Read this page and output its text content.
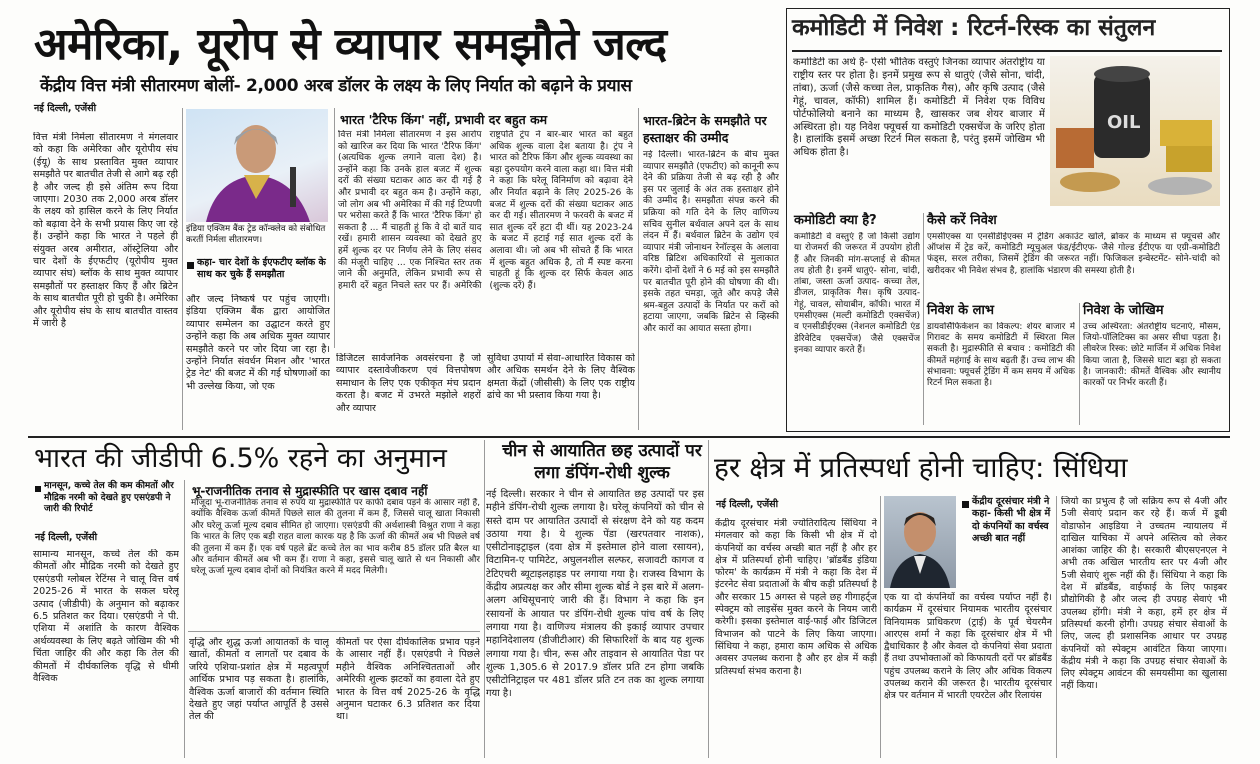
अमेरिका, यूरोप से व्यापार समझौते जल्द
केंद्रीय वित्त मंत्री सीतारमण बोलीं- 2,000 अरब डॉलर के लक्ष्य के लिए निर्यात को बढ़ाने के प्रयास
नई दिल्ली, एजेंसी
वित्त मंत्री निर्मला सीतारमण ने मंगलवार को कहा कि अमेरिका और यूरोपीय संघ (ईयू) के साथ प्रस्तावित मुक्त व्यापार समझौते पर बातचीत तेजी से आगे बढ़ रही है और जल्द ही इसे अंतिम रूप दिया जाएगा। 2030 तक 2,000 अरब डॉलर के लक्ष्य को हासिल करने के लिए निर्यात को बढ़ावा देने के सभी प्रयास किए जा रहे हैं। उन्होंने कहा कि भारत ने पहले ही संयुक्त अरब अमीरात, ऑस्ट्रेलिया और चार देशों के ईएफटीए (यूरोपीय मुक्त व्यापार संघ) ब्लॉक के साथ मुक्त व्यापार समझौतों पर हस्ताक्षर किए हैं और ब्रिटेन के साथ बातचीत पूरी हो चुकी है। अमेरिका और यूरोपीय संघ के साथ बातचीत वास्तव में जारी है
इंडिया एक्जिम बैंक ट्रेड कॉन्क्लेव को संबोधित करतीं निर्मला सीतारमण।
कहा- चार देशों के ईएफटीए ब्लॉक के साथ कर चुके हैं समझौता
और जल्द निष्कर्ष पर पहुंच जाएगी। इंडिया एक्जिम बैंक द्वारा आयोजित व्यापार सम्मेलन का उद्घाटन करते हुए उन्होंने कहा कि अब अधिक मुक्त व्यापार समझौते करने पर जोर दिया जा रहा है। उन्होंने निर्यात संवर्धन मिशन और 'भारत ट्रेड नेट' की बजट में की गई घोषणाओं का भी उल्लेख किया, जो एक
डिजिटल सार्वजनिक अवसंरचना है जो व्यापार दस्तावेजीकरण एवं वित्तपोषण समाधान के लिए एक एकीकृत मंच प्रदान करता है। बजट में उभरते मझोले शहरों और व्यापार
सुविधा उपायों में सेवा-आधारित विकास को और अधिक समर्थन देने के लिए वैश्विक क्षमता केंद्रों (जीसीसी) के लिए एक राष्ट्रीय ढांचे का भी प्रस्ताव किया गया है।
भारत 'टैरिफ किंग' नहीं, प्रभावी दर बहुत कम
वित्त मंत्री निर्मला सीतारमण ने इस आरोप को खारिज कर दिया कि भारत 'टैरिफ किंग' (अत्यधिक शुल्क लगाने वाला देश) है। उन्होंने कहा कि उनके हाल बजट में शुल्क दरों की संख्या घटाकर आठ कर दी गई है और प्रभावी दर बहुत कम है। उन्होंने कहा, जो लोग अब भी अमेरिका में की गई टिप्पणी पर भरोसा करते हैं कि भारत 'टैरिफ किंग' हो सकता है ... मैं चाहती हूं कि वे दो बातें याद रखें। हमारी शासन व्यवस्था को देखते हुए हमें शुल्क दर पर निर्णय लेने के लिए संसद की मंजूरी चाहिए ... एक निश्चित स्तर तक जाने की अनुमति, लेकिन प्रभावी रूप से हमारी दरें बहुत निचले स्तर पर हैं। अमेरिकी राष्ट्रपति ट्रंप ने बार-बार भारत को बहुत अधिक शुल्क वाला देश बताया है। ट्रंप ने भारत को टैरिफ किंग और शुल्क व्यवस्था का बड़ा दुरुपयोग करने वाला कहा था। वित्त मंत्री ने कहा कि घरेलू विनिर्माण को बढ़ावा देने और निर्यात बढ़ाने के लिए 2025-26 के बजट में शुल्क दरों की संख्या घटाकर आठ कर दी गई। सीतारमण ने फरवरी के बजट में सात शुल्क दरें हटा दी थीं। यह 2023-24 के बजट में हटाई गई सात शुल्क दरों के अलावा थी। जो अब भी सोचते हैं कि भारत में शुल्क बहुत अधिक है, तो मैं स्पष्ट करना चाहती हूं कि शुल्क दर सिर्फ केवल आठ (शुल्क दरें) हैं।
भारत-ब्रिटेन के समझौते पर हस्ताक्षर की उम्मीद
नई दिल्ली। भारत-ब्रिटेन के बीच मुक्त व्यापार समझौते (एफटीए) को कानूनी रूप देने की प्रक्रिया तेजी से बढ़ रही है और इस पर जुलाई के अंत तक हस्ताक्षर होने की उम्मीद है। समझौता संपन्न करने की प्रक्रिया को गति देने के लिए वाणिज्य सचिव सुनील बर्थवाल अपने दल के साथ लंदन में हैं। बर्थवाल ब्रिटेन के उद्योग एवं व्यापार मंत्री जोनाथन रेनॉल्ड्स के अलावा वरिष्ठ ब्रिटिश अधिकारियों से मुलाकात करेंगे। दोनों देशों ने 6 मई को इस समझौते पर बातचीत पूरी होने की घोषणा की थी। इसके तहत चमड़ा, जूते और कपड़े जैसे श्रम-बहुल उत्पादों के निर्यात पर करों को हटाया जाएगा, जबकि ब्रिटेन से व्हिस्की और कारों का आयात सस्ता होगा।
कमोडिटी में निवेश : रिटर्न-रिस्क का संतुलन
कमोडिटी का अर्थ है- ऐसी भौतिक वस्तुएं जिनका व्यापार अंतर्राष्ट्रीय या राष्ट्रीय स्तर पर होता है। इनमें प्रमुख रूप से धातुएं (जैसे सोना, चांदी, तांबा), ऊर्जा (जैसे कच्चा तेल, प्राकृतिक गैस), और कृषि उत्पाद (जैसे गेहूं, चावल, कॉफी) शामिल हैं। कमोडिटी में निवेश एक विविध पोर्टफोलियो बनाने का माध्यम है, खासकर जब शेयर बाजार में अस्थिरता हो। यह निवेश फ्यूचर्स या कमोडिटी एक्सचेंज के जरिए होता है। हालांकि इसमें अच्छा रिटर्न मिल सकता है, परंतु इसमें जोखिम भी अधिक होता है।
OIL
कमोडिटी क्या है?
कमोडिटी वे वस्तुएं हैं जो किसी उद्योग या रोजमर्रा की जरूरत में उपयोग होती हैं और जिनकी मांग-सप्लाई से कीमत तय होती है। इनमें धातुएं- सोना, चांदी, तांबा, जस्ता ऊर्जा उत्पाद- कच्चा तेल, डीजल, प्राकृतिक गैस। कृषि उत्पाद- गेहूं, चावल, सोयाबीन, कॉफी। भारत में एमसीएक्स (मल्टी कमोडिटी एक्सचेंज) व एनसीडीईएक्स (नेशनल कमोडिटी एंड डेरिवेटिव एक्सचेंज) जैसे एक्सचेंज इनका व्यापार करते हैं।
कैसे करें निवेश
एमसीएक्स या एनसीडीईएक्स में ट्रेडिंग अकाउंट खोलें, ब्रोकर के माध्यम से फ्यूचर्स और ऑप्शंस में ट्रेड करें, कमोडिटी म्यूचुअल फंड/ईटीएफ- जैसे गोल्ड ईटीएफ या एग्री-कमोडिटी फंड्स, सरल तरीका, जिसमें ट्रेडिंग की जरूरत नहीं। फिजिकल इन्वेस्टमेंट- सोने-चांदी को खरीदकर भी निवेश संभव है, हालांकि भंडारण की समस्या होती है।
निवेश के लाभ
डायवर्सिफिकेशन का विकल्प: शेयर बाजार में गिरावट के समय कमोडिटी में स्थिरता मिल सकती है। मुद्रास्फीति से बचाव : कमोडिटी की कीमतें महंगाई के साथ बढ़ती हैं। उच्च लाभ की संभावना: फ्यूचर्स ट्रेडिंग में कम समय में अधिक रिटर्न मिल सकता है।
निवेश के जोखिम
उच्च अस्थिरता: अंतर्राष्ट्रीय घटनाएं, मौसम, जियो-पॉलिटिक्स का असर सीधा पड़ता है। लीवरेज रिस्क: छोटे मार्जिन में अधिक निवेश किया जाता है, जिससे घाटा बड़ा हो सकता है। जानकारी: कीमतें वैश्विक और स्थानीय कारकों पर निर्भर करती हैं।
भारत की जीडीपी 6.5% रहने का अनुमान
मानसून, कच्चे तेल की कम कीमतों और मौद्रिक नरमी को देखते हुए एसएंडपी ने जारी की रिपोर्ट
नई दिल्ली, एजेंसी
सामान्य मानसून, कच्चे तेल की कम कीमतों और मौद्रिक नरमी को देखते हुए एसएंडपी ग्लोबल रेटिंग्स ने चालू वित्त वर्ष 2025-26 में भारत के सकल घरेलू उत्पाद (जीडीपी) के अनुमान को बढ़ाकर 6.5 प्रतिशत कर दिया। एसएंडपी ने पी. एशिया में अशांति के कारण वैश्विक अर्थव्यवस्था के लिए बढ़ते जोखिम की भी चिंता जाहिर की और कहा कि तेल की कीमतों में दीर्घकालिक वृद्धि से धीमी वैश्विक
भू-राजनीतिक तनाव से मुद्रास्फीति पर खास दबाव नहीं
मौजूदा भू-राजनीतिक तनाव से रुपये या मुद्रास्फीति पर काफी दबाव पड़ने के आसार नहीं हैं, क्योंकि वैश्विक ऊर्जा कीमतें पिछले साल की तुलना में कम हैं, जिससे चालू खाता निकासी और घरेलू ऊर्जा मूल्य दबाव सीमित हो जाएगा। एसएंडपी की अर्थशास्त्री विश्रुत राणा ने कहा कि भारत के लिए एक बड़ी राहत वाला कारक यह है कि ऊर्जा की कीमतें अब भी पिछले वर्ष की तुलना में कम हैं। एक वर्ष पहले ब्रेंट कच्चे तेल का भाव करीब 85 डॉलर प्रति बैरल था और वर्तमान कीमतें अब भी कम हैं। राणा ने कहा, इससे चालू खाते से धन निकासी और घरेलू ऊर्जा मूल्य दबाव दोनों को नियंत्रित करने में मदद मिलेगी।
वृद्धि और शुद्ध ऊर्जा आयातकों के चालू खातों, कीमतों व लागतों पर दबाव के जरिये एशिया-प्रशांत क्षेत्र में महत्वपूर्ण आर्थिक प्रभाव पड़ सकता है। हालांकि, वैश्विक ऊर्जा बाजारों की वर्तमान स्थिति देखते हुए जहां पर्याप्त आपूर्ति है उससे तेल की
कीमतों पर ऐसा दीर्घकालिक प्रभाव पड़ने के आसार नहीं हैं। एसएंडपी ने पिछले महीने वैश्विक अनिश्चितताओं और अमेरिकी शुल्क झटकों का हवाला देते हुए भारत के वित्त वर्ष 2025-26 के वृद्धि अनुमान घटाकर 6.3 प्रतिशत कर दिया था।
चीन से आयातित छह उत्पादों पर लगा डंपिंग-रोधी शुल्क
नई दिल्ली। सरकार ने चीन से आयातित छह उत्पादों पर इस महीने डंपिंग-रोधी शुल्क लगाया है। घरेलू कंपनियों को चीन से सस्ते दाम पर आयातित उत्पादों से संरक्षण देने को यह कदम उठाया गया है। ये शुल्क पेंडा (खरपतवार नाशक), एसीटोनाइट्राइल (दवा क्षेत्र में इस्तेमाल होने वाला रसायन), विटामिन-ए पामिटेट, अघुलनशील सल्फर, सजावटी कागज व टेटिएचरी ब्यूटाइलहाइड पर लगाया गया है। राजस्व विभाग के केंद्रीय अप्रत्यक्ष कर और सीमा शुल्क बोर्ड ने इस बारे में अलग-अलग अधिसूचनाएं जारी की हैं। विभाग ने कहा कि इन रसायनों के आयात पर डंपिंग-रोधी शुल्क पांच वर्ष के लिए लगाया गया है। वाणिज्य मंत्रालय की इकाई व्यापार उपचार महानिदेशालय (डीजीटीआर) की सिफारिशों के बाद यह शुल्क लगाया गया है। चीन, रूस और ताइवान से आयातित पेडा पर शुल्क 1,305.6 से 2017.9 डॉलर प्रति टन होगा जबकि एसीटोनिट्राइल पर 481 डॉलर प्रति टन तक का शुल्क लगाया गया है।
हर क्षेत्र में प्रतिस्पर्धा होनी चाहिए: सिंधिया
नई दिल्ली, एजेंसी
केंद्रीय दूरसंचार मंत्री ज्योतिरादित्य सिंधिया ने मंगलवार को कहा कि किसी भी क्षेत्र में दो कंपनियों का वर्चस्व अच्छी बात नहीं है और हर क्षेत्र में प्रतिस्पर्धा होनी चाहिए। 'ब्रॉडबैंड इंडिया फोरम' के कार्यक्रम में मंत्री ने कहा कि देश में इंटरनेट सेवा प्रदाताओं के बीच कड़ी प्रतिस्पर्धा है और सरकार 15 अगस्त से पहले छह गीगाहर्ट्ज स्पेक्ट्रम को लाइसेंस मुक्त करने के नियम जारी करेगी। इसका इस्तेमाल वाई-फाई और डिजिटल विभाजन को पाटने के लिए किया जाएगा। सिंधिया ने कहा, हमारा काम अधिक से अधिक अवसर उपलब्ध कराना है और हर क्षेत्र में कड़ी प्रतिस्पर्धा संभव कराना है।
केंद्रीय दूरसंचार मंत्री ने कहा- किसी भी क्षेत्र में दो कंपनियों का वर्चस्व अच्छी बात नहीं
एक या दो कंपनियों का वर्चस्व पर्याप्त नहीं है। कार्यक्रम में दूरसंचार नियामक भारतीय दूरसंचार विनियामक प्राधिकरण (ट्राई) के पूर्व चेयरमैन आरएस शर्मा ने कहा कि दूरसंचार क्षेत्र में भी द्वैधाधिकार है और केवल दो कंपनियां सेवा प्रदाता हैं तथा उपभोक्ताओं को किफायती दरों पर ब्रॉडबैंड पहुंच उपलब्ध कराने के लिए और अधिक विकल्प उपलब्ध कराने की जरूरत है। भारतीय दूरसंचार क्षेत्र पर वर्तमान में भारती एयरटेल और रिलायंस
जियो का प्रभुत्व है जो सक्रिय रूप से 4जी और 5जी सेवाएं प्रदान कर रहे हैं। कर्ज में डूबी वोडाफोन आइडिया ने उच्चतम न्यायालय में दाखिल याचिका में अपने अस्तित्व को लेकर आशंका जाहिर की है। सरकारी बीएसएनएल ने अभी तक अखिल भारतीय स्तर पर 4जी और 5जी सेवाएं शुरू नहीं की हैं। सिंधिया ने कहा कि देश में ब्रॉडबैंड, वाईफाई के लिए फाइबर प्रौद्योगिकी है और जल्द ही उपग्रह सेवाएं भी उपलब्ध होंगी। मंत्री ने कहा, हमें हर क्षेत्र में प्रतिस्पर्धा करनी होगी। उपग्रह संचार सेवाओं के लिए, जल्द ही प्रशासनिक आधार पर उपग्रह कंपनियों को स्पेक्ट्रम आवंटित किया जाएगा। केंद्रीय मंत्री ने कहा कि उपग्रह संचार सेवाओं के लिए स्पेक्ट्रम आवंटन की समयसीमा का खुलासा नहीं किया।
